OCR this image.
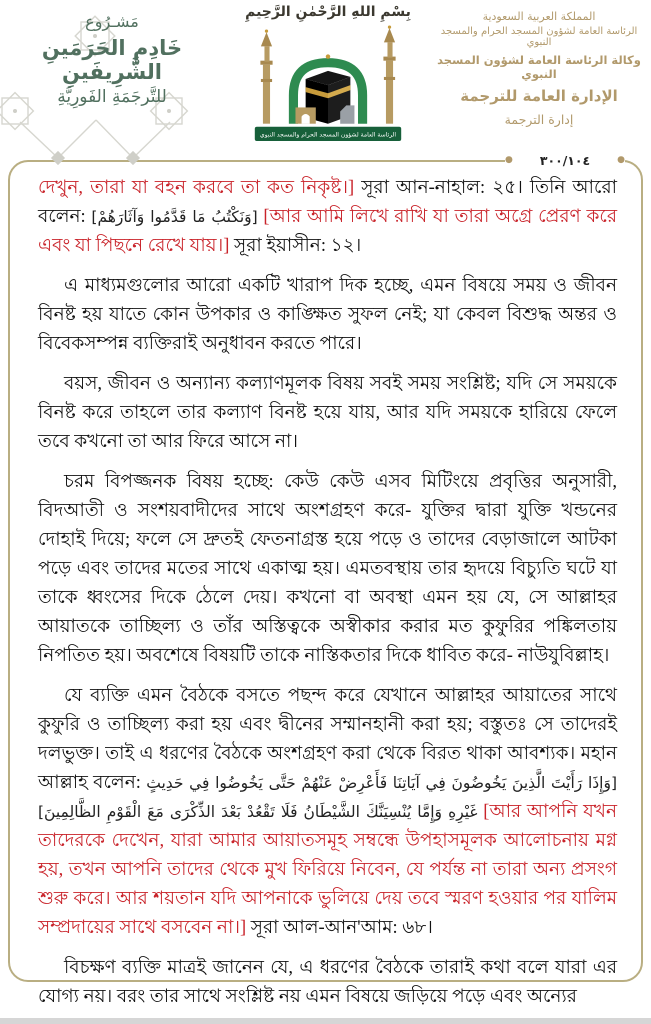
مَشـرُوع
خَادِمِ الحَرَمَينِ الشَّرِيفَينِ
للتَّرجَمَةِ الفَورِيَّةِ
بِسْمِ اللهِ الرَّحْمٰنِ الرَّحِيمِ
الرئاسة العامة لشؤون المسجد الحرام والمسجد النبوي
المملكة العربية السعودية
الرئاسة العامة لشؤون المسجد الحرام والمسجد النبوي
وكالة الرئاسة العامة لشؤون المسجد النبوي
الإدارة العامة للترجمة
إدارة الترجمة
● ٣٠٠/١٠٤	●

দেখুন, তারা যা বহন করবে তা কত নিকৃষ্ট।] সূরা আন-নাহাল: ২৫। তিনি আরো বলেন: [وَنَكْتُبُ مَا قَدَّمُوا وَآثَارَهُمْ] [আর আমি লিখে রাখি যা তারা অগ্রে প্রেরণ করে এবং যা পিছনে রেখে যায়।] সূরা ইয়াসীন: ১২।

এ মাধ্যমগুলোর আরো একটি খারাপ দিক হচ্ছে, এমন বিষয়ে সময় ও জীবন বিনষ্ট হয় যাতে কোন উপকার ও কাঙ্ক্ষিত সুফল নেই; যা কেবল বিশুদ্ধ অন্তর ও বিবেকসম্পন্ন ব্যক্তিরাই অনুধাবন করতে পারে।

বয়স, জীবন ও অন্যান্য কল্যাণমূলক বিষয় সবই সময় সংশ্লিষ্ট; যদি সে সময়কে বিনষ্ট করে তাহলে তার কল্যাণ বিনষ্ট হয়ে যায়, আর যদি সময়কে হারিয়ে ফেলে তবে কখনো তা আর ফিরে আসে না।

চরম বিপজ্জনক বিষয় হচ্ছে: কেউ কেউ এসব মিটিংয়ে প্রবৃত্তির অনুসারী, বিদআতী ও সংশয়বাদীদের সাথে অংশগ্রহণ করে- যুক্তির দ্বারা যুক্তি খন্ডনের দোহাই দিয়ে; ফলে সে দ্রুতই ফেতনাগ্রস্ত হয়ে পড়ে ও তাদের বেড়াজালে আটকা পড়ে এবং তাদের মতের সাথে একাত্ম হয়। এমতবস্থায় তার হৃদয়ে বিচ্যুতি ঘটে যা তাকে ধ্বংসের দিকে ঠেলে দেয়। কখনো বা অবস্থা এমন হয় যে, সে আল্লাহর আয়াতকে তাচ্ছিল্য ও তাঁর অস্তিত্বকে অস্বীকার করার মত কুফুরির পঙ্কিলতায় নিপতিত হয়। অবশেষে বিষয়টি তাকে নাস্তিকতার দিকে ধাবিত করে- নাউযুবিল্লাহ।

যে ব্যক্তি এমন বৈঠকে বসতে পছন্দ করে যেখানে আল্লাহর আয়াতের সাথে কুফুরি ও তাচ্ছিল্য করা হয় এবং দ্বীনের সম্মানহানী করা হয়; বস্তুতঃ সে তাদেরই দলভুক্ত। তাই এ ধরণের বৈঠকে অংশগ্রহণ করা থেকে বিরত থাকা আবশ্যক। মহান আল্লাহ বলেন: [وَإِذَا رَأَيْتَ الَّذِينَ يَخُوضُونَ فِي آيَاتِنَا فَأَعْرِضْ عَنْهُمْ حَتَّى يَخُوضُوا فِي حَدِيثٍ غَيْرِهِ وَإِمَّا يُنْسِيَنَّكَ الشَّيْطَانُ فَلَا تَقْعُدْ بَعْدَ الذِّكْرَى مَعَ الْقَوْمِ الظَّالِمِينَ] [আর আপনি যখন তাদেরকে দেখেন, যারা আমার আয়াতসমূহ সম্বন্ধে উপহাসমূলক আলোচনায় মগ্ন হয়, তখন আপনি তাদের থেকে মুখ ফিরিয়ে নিবেন, যে পর্যন্ত না তারা অন্য প্রসংগ শুরু করে। আর শয়তান যদি আপনাকে ভুলিয়ে দেয় তবে স্মরণ হওয়ার পর যালিম সম্প্রদায়ের সাথে বসবেন না।] সূরা আল-আন'আম: ৬৮।

বিচক্ষণ ব্যক্তি মাত্রই জানেন যে, এ ধরণের বৈঠকে তারাই কথা বলে যারা এর যোগ্য নয়। বরং তার সাথে সংশ্লিষ্ট নয় এমন বিষয়ে জড়িয়ে পড়ে এবং অন্যের
